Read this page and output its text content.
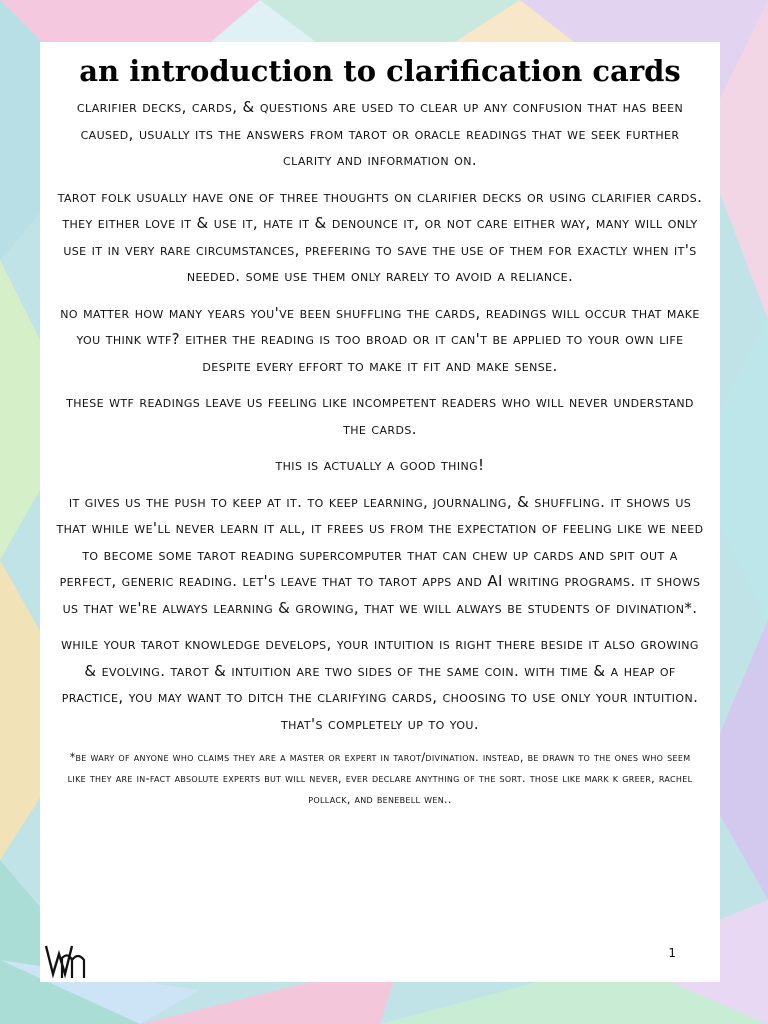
an introduction to clarification cards

clarifier decks, cards, & questions are used to clear up any confusion that has been caused, usually its the answers from tarot or oracle readings that we seek further clarity and information on.

tarot folk usually have one of three thoughts on clarifier decks or using clarifier cards. they either love it & use it, hate it & denounce it, or not care either way, many will only use it in very rare circumstances, prefering to save the use of them for exactly when it's needed. some use them only rarely to avoid a reliance.

no matter how many years you've been shuffling the cards, readings will occur that make you think wtf? either the reading is too broad or it can't be applied to your own life despite every effort to make it fit and make sense.

these wtf readings leave us feeling like incompetent readers who will never understand the cards.

this is actually a good thing!

it gives us the push to keep at it. to keep learning, journaling, & shuffling. it shows us that while we'll never learn it all, it frees us from the expectation of feeling like we need to become some tarot reading supercomputer that can chew up cards and spit out a perfect, generic reading. let's leave that to tarot apps and AI writing programs. it shows us that we're always learning & growing, that we will always be students of divination*.

while your tarot knowledge develops, your intuition is right there beside it also growing & evolving. tarot & intuition are two sides of the same coin. with time & a heap of practice, you may want to ditch the clarifying cards, choosing to use only your intuition. that's completely up to you.

*be wary of anyone who claims they are a master or expert in tarot/divination. instead, be drawn to the ones who seem like they are in-fact absolute experts but will never, ever declare anything of the sort. those like mark k greer, rachel pollack, and benebell wen..

1
